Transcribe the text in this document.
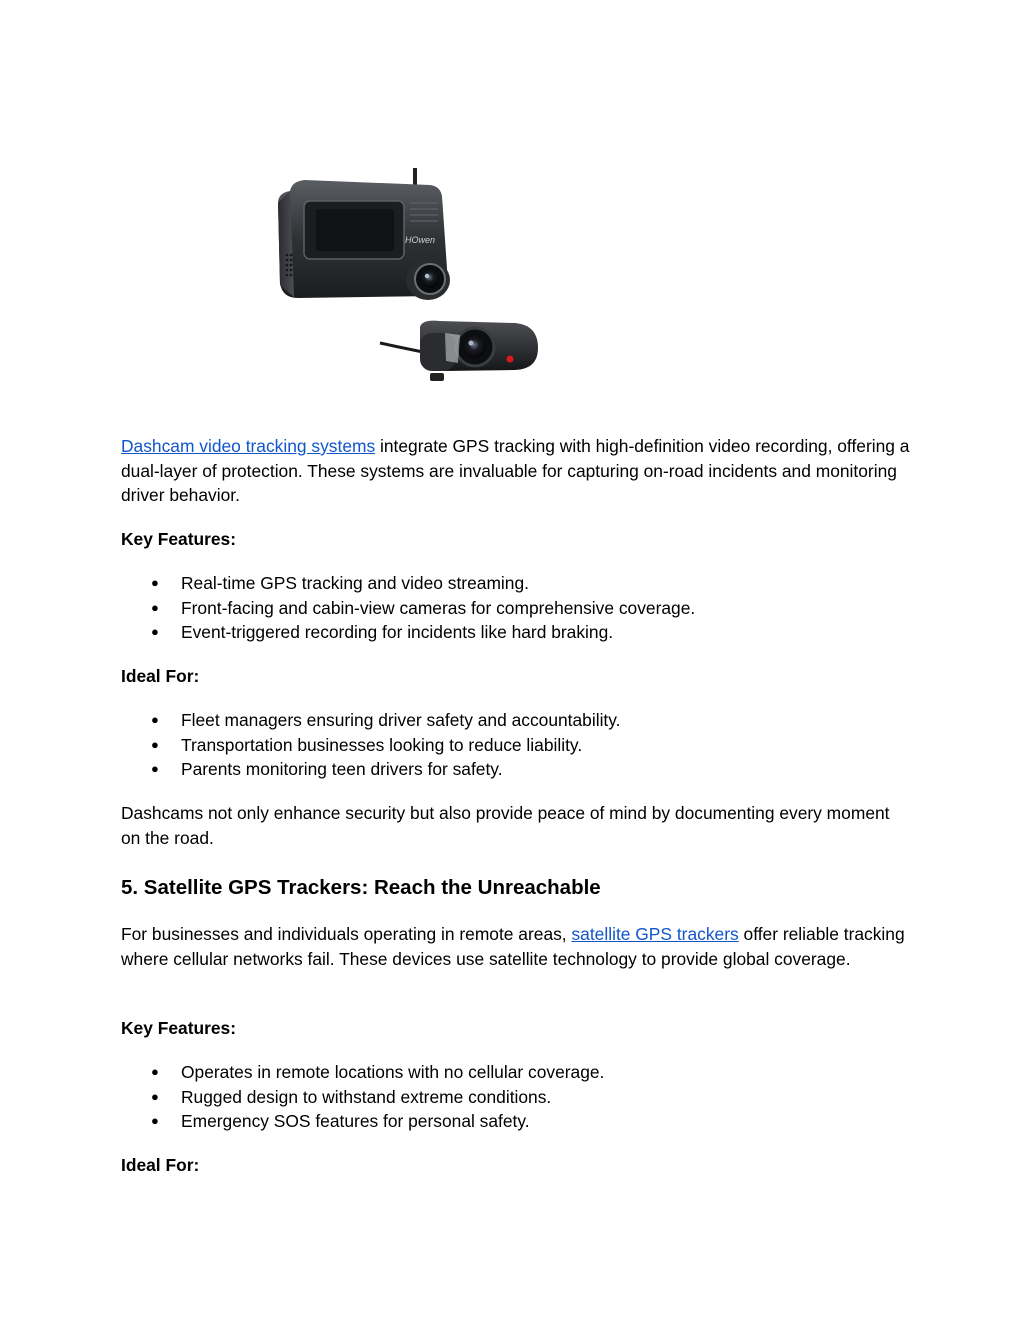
HOwen

Dashcam video tracking systems integrate GPS tracking with high-definition video recording, offering a dual-layer of protection. These systems are invaluable for capturing on-road incidents and monitoring driver behavior.

Key Features:
● Real-time GPS tracking and video streaming.
● Front-facing and cabin-view cameras for comprehensive coverage.
● Event-triggered recording for incidents like hard braking.
Ideal For:
● Fleet managers ensuring driver safety and accountability.
● Transportation businesses looking to reduce liability.
● Parents monitoring teen drivers for safety.

Dashcams not only enhance security but also provide peace of mind by documenting every moment on the road.

5. Satellite GPS Trackers: Reach the Unreachable

For businesses and individuals operating in remote areas, satellite GPS trackers offer reliable tracking where cellular networks fail. These devices use satellite technology to provide global coverage.

Key Features:
● Operates in remote locations with no cellular coverage.
● Rugged design to withstand extreme conditions.
● Emergency SOS features for personal safety.
Ideal For:
